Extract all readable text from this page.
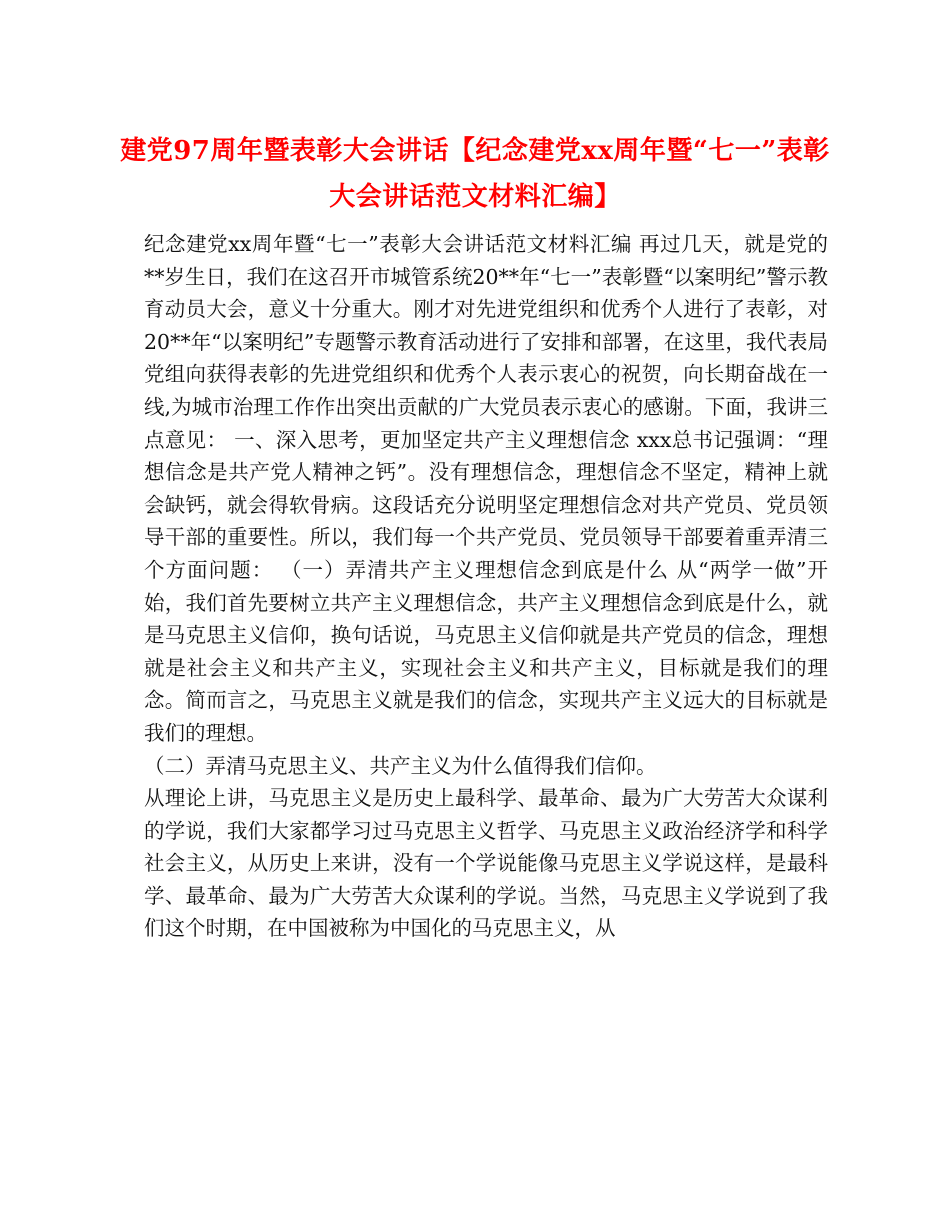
建党97周年暨表彰大会讲话【纪念建党xx周年暨“七一”表彰大会讲话范文材料汇编】

纪念建党xx周年暨“七一”表彰大会讲话范文材料汇编 再过几天，就是党的**岁生日，我们在这召开市城管系统20**年“七一”表彰暨“以案明纪”警示教育动员大会，意义十分重大。刚才对先进党组织和优秀个人进行了表彰，对20**年“以案明纪”专题警示教育活动进行了安排和部署，在这里，我代表局党组向获得表彰的先进党组织和优秀个人表示衷心的祝贺，向长期奋战在一线,为城市治理工作作出突出贡献的广大党员表示衷心的感谢。下面，我讲三点意见： 一、深入思考，更加坚定共产主义理想信念 xxx总书记强调：“理想信念是共产党人精神之钙”。没有理想信念，理想信念不坚定，精神上就会缺钙，就会得软骨病。这段话充分说明坚定理想信念对共产党员、党员领导干部的重要性。所以，我们每一个共产党员、党员领导干部要着重弄清三个方面问题： （一）弄清共产主义理想信念到底是什么 从“两学一做”开始，我们首先要树立共产主义理想信念，共产主义理想信念到底是什么，就是马克思主义信仰，换句话说，马克思主义信仰就是共产党员的信念，理想就是社会主义和共产主义，实现社会主义和共产主义，目标就是我们的理念。简而言之，马克思主义就是我们的信念，实现共产主义远大的目标就是我们的理想。

（二）弄清马克思主义、共产主义为什么值得我们信仰。

从理论上讲，马克思主义是历史上最科学、最革命、最为广大劳苦大众谋利的学说，我们大家都学习过马克思主义哲学、马克思主义政治经济学和科学社会主义，从历史上来讲，没有一个学说能像马克思主义学说这样，是最科学、最革命、最为广大劳苦大众谋利的学说。当然，马克思主义学说到了我们这个时期，在中国被称为中国化的马克思主义，从
